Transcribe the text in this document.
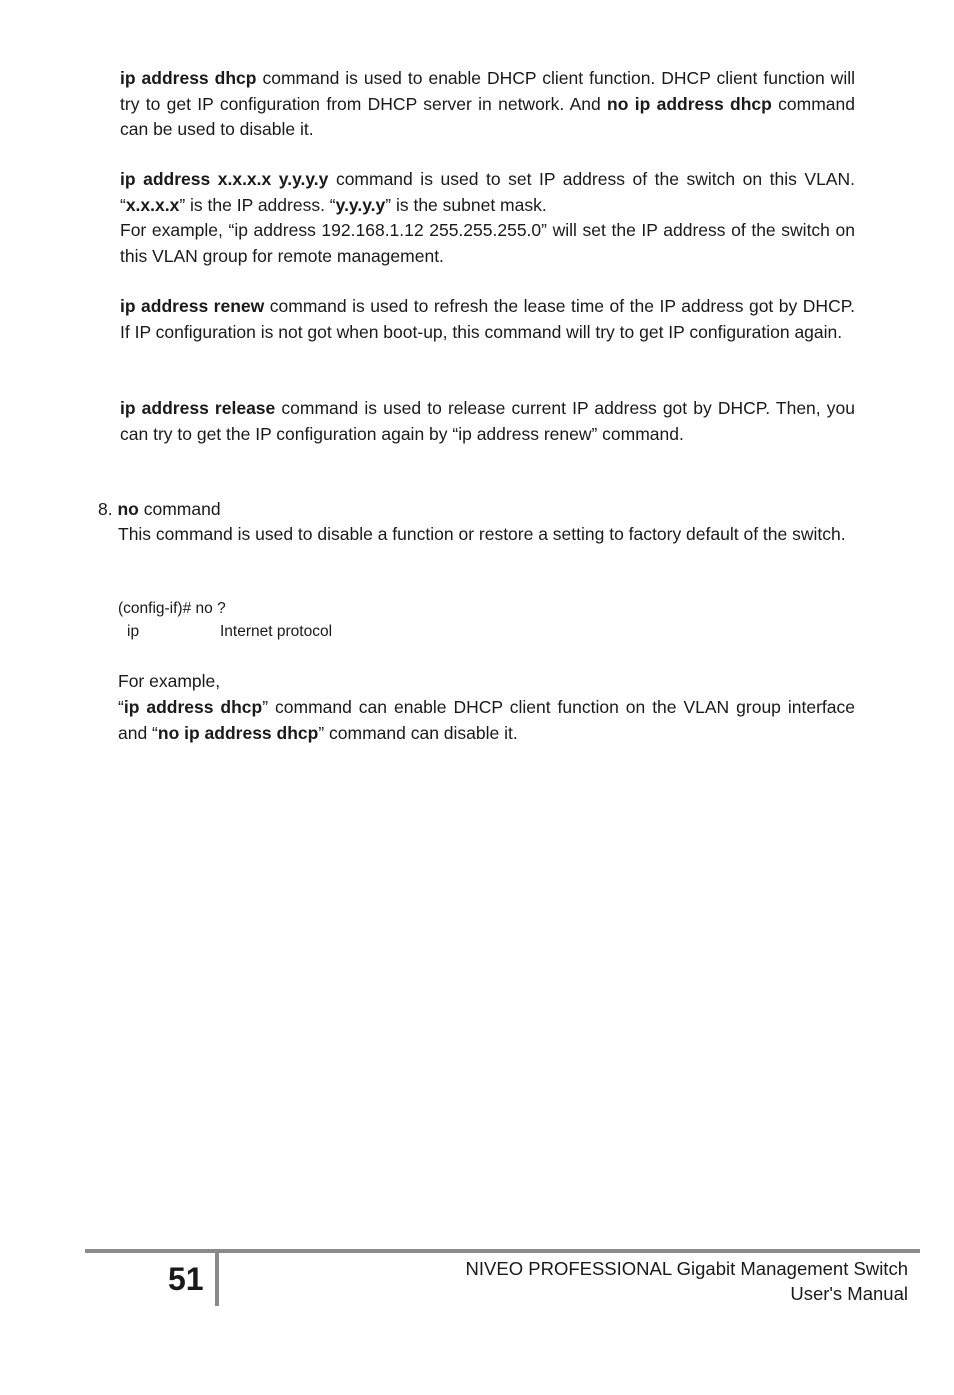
ip address dhcp command is used to enable DHCP client function. DHCP client function will try to get IP configuration from DHCP server in network. And no ip address dhcp command can be used to disable it.

ip address x.x.x.x y.y.y.y command is used to set IP address of the switch on this VLAN. “x.x.x.x” is the IP address. “y.y.y.y” is the subnet mask.
For example, “ip address 192.168.1.12 255.255.255.0” will set the IP address of the switch on this VLAN group for remote management.

ip address renew command is used to refresh the lease time of the IP address got by DHCP. If IP configuration is not got when boot-up, this command will try to get IP configuration again.

ip address release command is used to release current IP address got by DHCP. Then, you can try to get the IP configuration again by “ip address renew” command.

8. no command

This command is used to disable a function or restore a setting to factory default of the switch.

(config-if)# no ?
ip	Internet protocol
For example,

“ip address dhcp” command can enable DHCP client function on the VLAN group interface and “no ip address dhcp” command can disable it.

51	NIVEO PROFESSIONAL Gigabit Management Switch
User's Manual
